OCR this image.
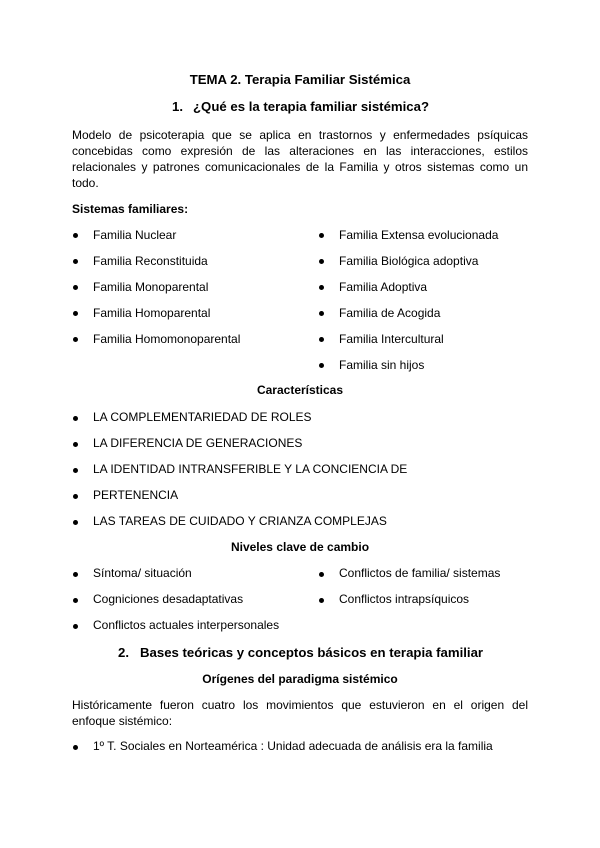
TEMA 2. Terapia Familiar Sistémica
1. ¿Qué es la terapia familiar sistémica?
Modelo de psicoterapia que se aplica en trastornos y enfermedades psíquicas
concebidas como expresión de las alteraciones en las interacciones, estilos
relacionales y patrones comunicacionales de la Familia y otros sistemas como un
todo.
Sistemas familiares:
Familia Nuclear
Familia Reconstituida
Familia Monoparental
Familia Homoparental
Familia Homomonoparental
Familia Extensa evolucionada
Familia Biológica adoptiva
Familia Adoptiva
Familia de Acogida
Familia Intercultural
Familia sin hijos
Características
LA COMPLEMENTARIEDAD DE ROLES
LA DIFERENCIA DE GENERACIONES
LA IDENTIDAD INTRANSFERIBLE Y LA CONCIENCIA DE
PERTENENCIA
LAS TAREAS DE CUIDADO Y CRIANZA COMPLEJAS
Niveles clave de cambio
Síntoma/ situación
Cogniciones desadaptativas
Conflictos actuales interpersonales
Conflictos de familia/ sistemas
Conflictos intrapsíquicos
2. Bases teóricas y conceptos básicos en terapia familiar
Orígenes del paradigma sistémico
Históricamente fueron cuatro los movimientos que estuvieron en el origen del
enfoque sistémico:
1º T. Sociales en Norteamérica : Unidad adecuada de análisis era la familia
